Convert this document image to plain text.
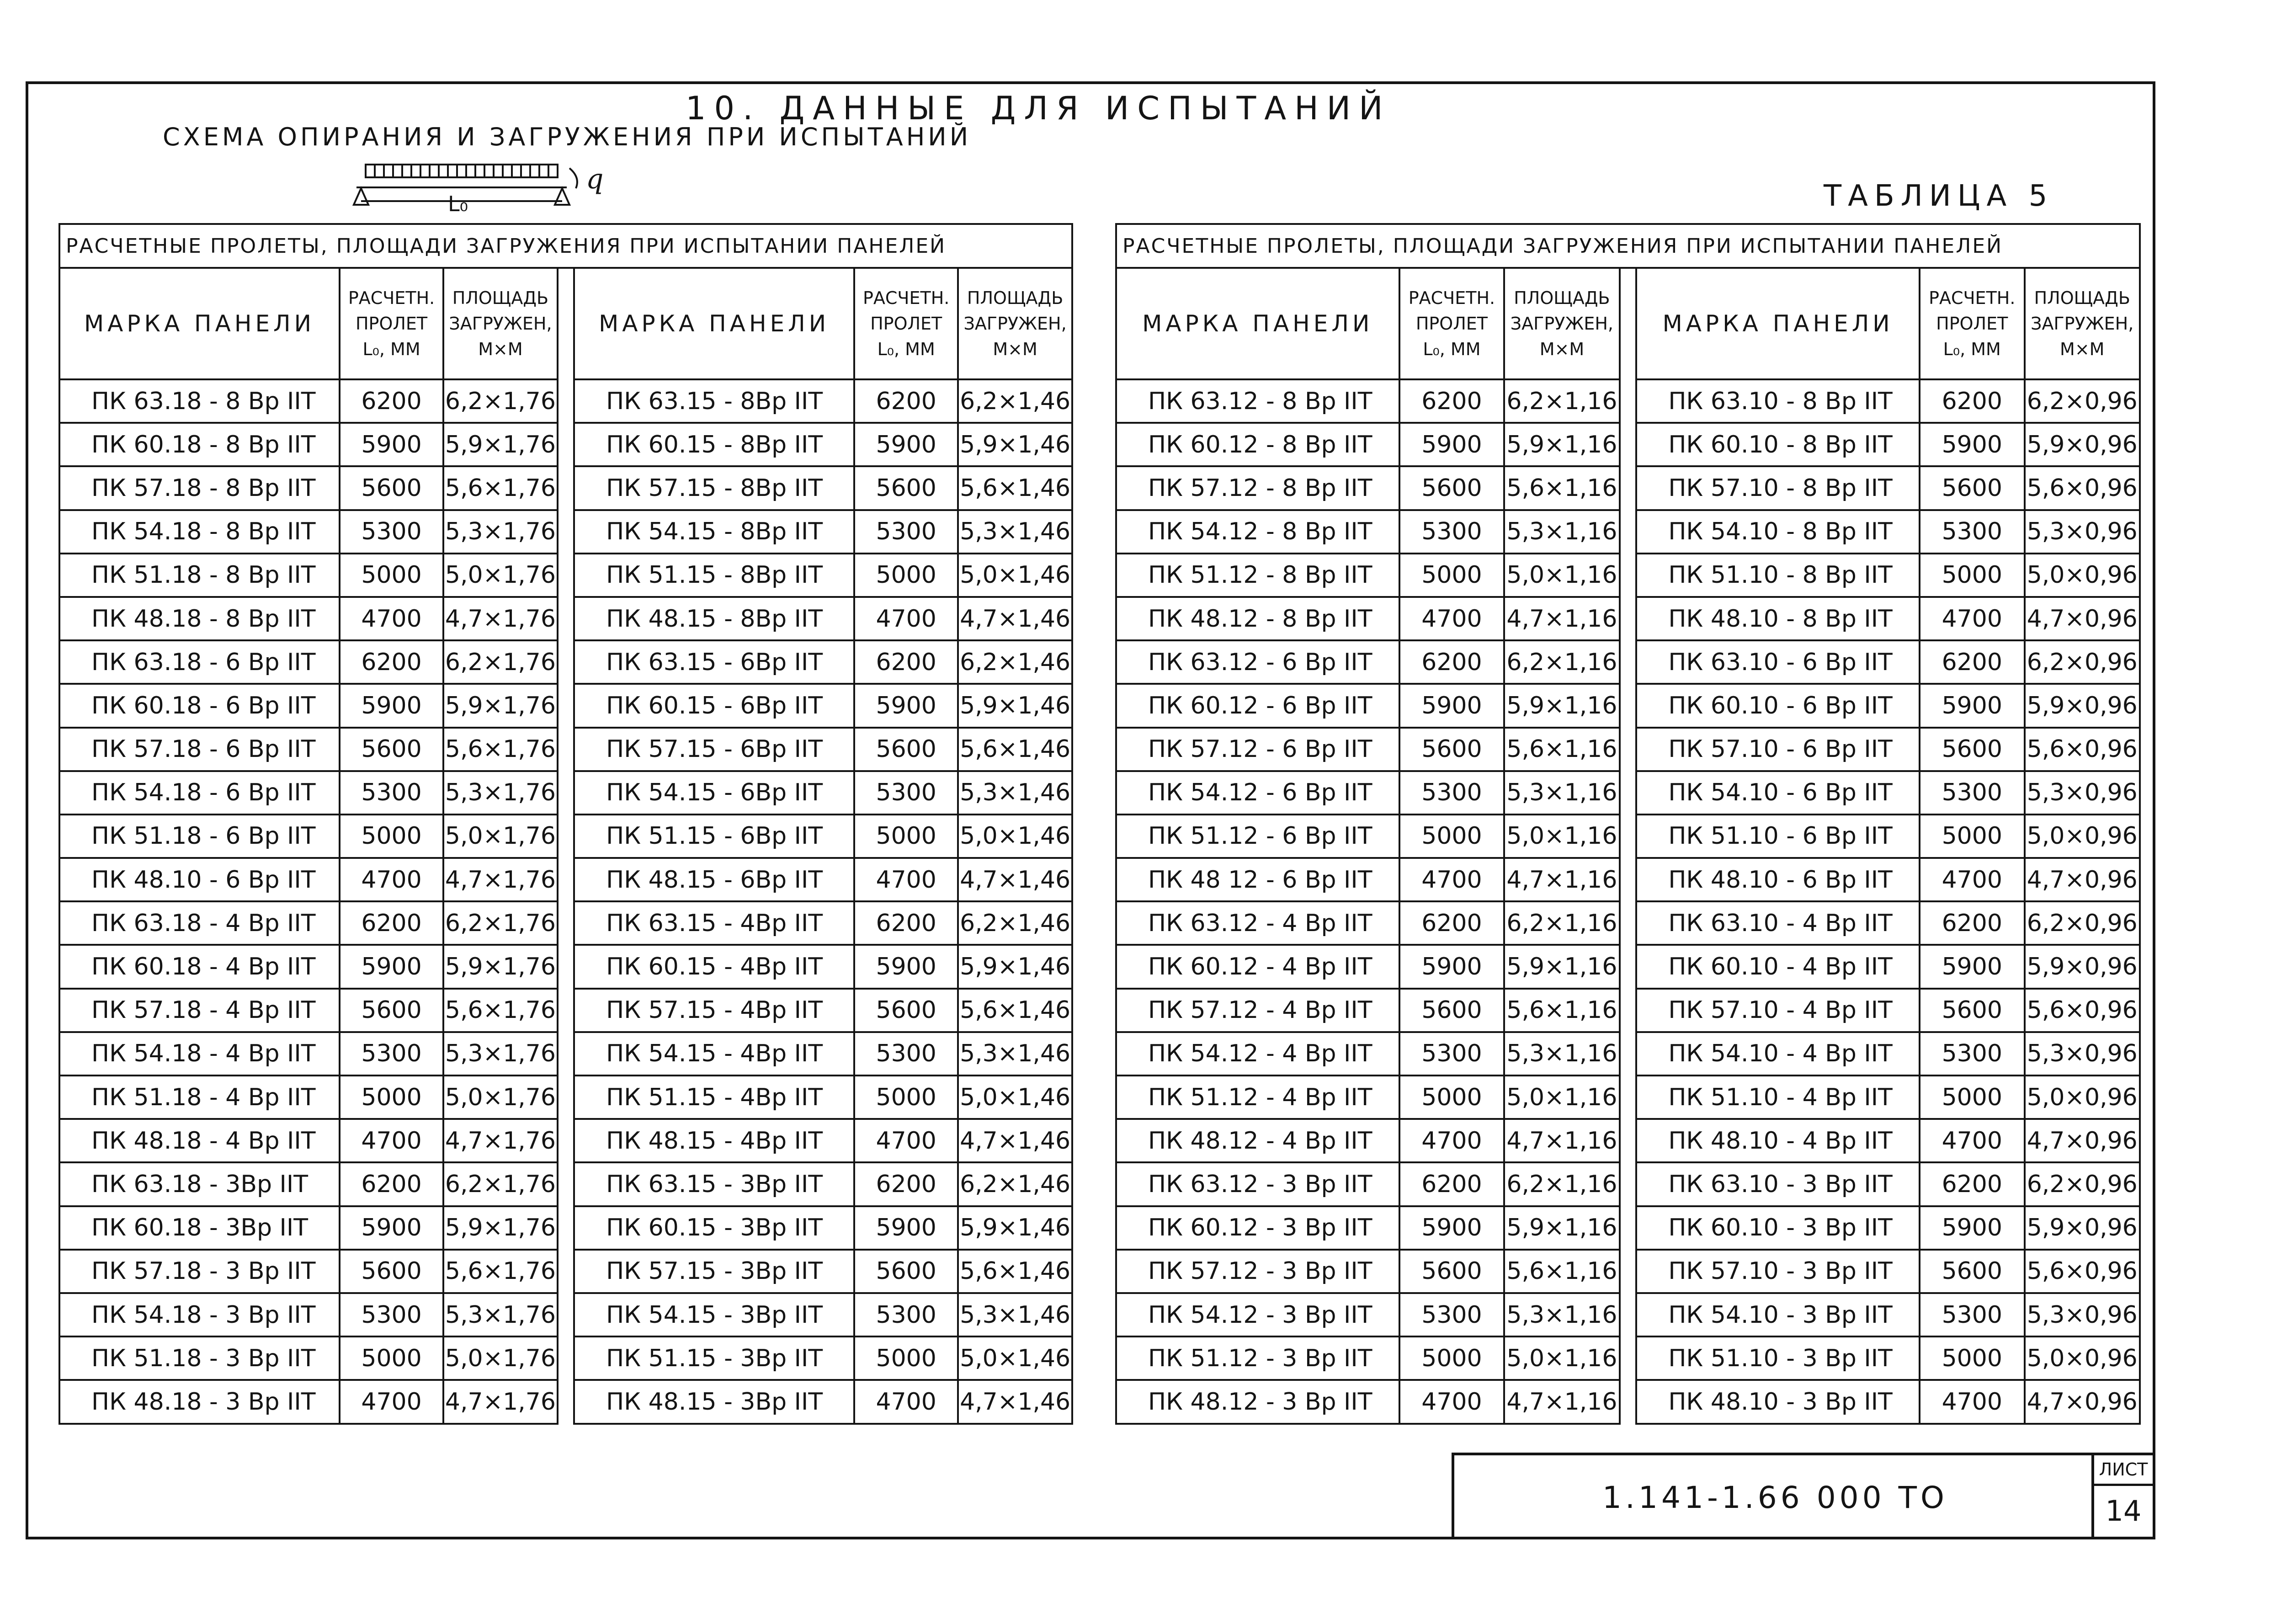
10. ДАННЫЕ ДЛЯ ИСПЫТАНИЙ
СХЕМА ОПИРАНИЯ И ЗАГРУЖЕНИЯ ПРИ ИСПЫТАНИЙ
L₀
q	ТАБЛИЦА 5
РАСЧЕТНЫЕ ПРОЛЕТЫ, ПЛОЩАДИ ЗАГРУЖЕНИЯ ПРИ ИСПЫТАНИИ ПАНЕЛЕЙ						
МАРКА ПАНЕЛИ	РАСЧЕТН.
ПРОЛЕТ
L₀, ММ	ПЛОЩАДЬ
ЗАГРУЖЕН,
М×М		МАРКА ПАНЕЛИ	РАСЧЕТН.
ПРОЛЕТ
L₀, ММ	ПЛОЩАДЬ
ЗАГРУЖЕН,
М×М
ПК 63.18 - 8 Вр IIТ	6200	6,2×1,76		ПК 63.15 - 8Вр IIТ	6200	6,2×1,46
ПК 60.18 - 8 Вр IIТ	5900	5,9×1,76		ПК 60.15 - 8Вр IIТ	5900	5,9×1,46
ПК 57.18 - 8 Вр IIТ	5600	5,6×1,76		ПК 57.15 - 8Вр IIТ	5600	5,6×1,46
ПК 54.18 - 8 Вр IIТ	5300	5,3×1,76		ПК 54.15 - 8Вр IIТ	5300	5,3×1,46
ПК 51.18 - 8 Вр IIТ	5000	5,0×1,76		ПК 51.15 - 8Вр IIТ	5000	5,0×1,46
ПК 48.18 - 8 Вр IIТ	4700	4,7×1,76		ПК 48.15 - 8Вр IIТ	4700	4,7×1,46
ПК 63.18 - 6 Вр IIТ	6200	6,2×1,76		ПК 63.15 - 6Вр IIТ	6200	6,2×1,46
ПК 60.18 - 6 Вр IIТ	5900	5,9×1,76		ПК 60.15 - 6Вр IIТ	5900	5,9×1,46
ПК 57.18 - 6 Вр IIТ	5600	5,6×1,76		ПК 57.15 - 6Вр IIТ	5600	5,6×1,46
ПК 54.18 - 6 Вр IIТ	5300	5,3×1,76		ПК 54.15 - 6Вр IIТ	5300	5,3×1,46
ПК 51.18 - 6 Вр IIТ	5000	5,0×1,76		ПК 51.15 - 6Вр IIТ	5000	5,0×1,46
ПК 48.10 - 6 Вр IIТ	4700	4,7×1,76		ПК 48.15 - 6Вр IIТ	4700	4,7×1,46
ПК 63.18 - 4 Вр IIТ	6200	6,2×1,76		ПК 63.15 - 4Вр IIТ	6200	6,2×1,46
ПК 60.18 - 4 Вр IIТ	5900	5,9×1,76		ПК 60.15 - 4Вр IIТ	5900	5,9×1,46
ПК 57.18 - 4 Вр IIТ	5600	5,6×1,76		ПК 57.15 - 4Вр IIТ	5600	5,6×1,46
ПК 54.18 - 4 Вр IIТ	5300	5,3×1,76		ПК 54.15 - 4Вр IIТ	5300	5,3×1,46
ПК 51.18 - 4 Вр IIТ	5000	5,0×1,76		ПК 51.15 - 4Вр IIТ	5000	5,0×1,46
ПК 48.18 - 4 Вр IIТ	4700	4,7×1,76		ПК 48.15 - 4Вр IIТ	4700	4,7×1,46
ПК 63.18 - 3Вр IIТ	6200	6,2×1,76		ПК 63.15 - 3Вр IIТ	6200	6,2×1,46
ПК 60.18 - 3Вр IIТ	5900	5,9×1,76		ПК 60.15 - 3Вр IIТ	5900	5,9×1,46
ПК 57.18 - 3 Вр IIТ	5600	5,6×1,76		ПК 57.15 - 3Вр IIТ	5600	5,6×1,46
ПК 54.18 - 3 Вр IIТ	5300	5,3×1,76		ПК 54.15 - 3Вр IIТ	5300	5,3×1,46
ПК 51.18 - 3 Вр IIТ	5000	5,0×1,76		ПК 51.15 - 3Вр IIТ	5000	5,0×1,46
ПК 48.18 - 3 Вр IIТ	4700	4,7×1,76		ПК 48.15 - 3Вр IIТ	4700	4,7×1,46
РАСЧЕТНЫЕ ПРОЛЕТЫ, ПЛОЩАДИ ЗАГРУЖЕНИЯ ПРИ ИСПЫТАНИИ ПАНЕЛЕЙ						
МАРКА ПАНЕЛИ	РАСЧЕТН.
ПРОЛЕТ
L₀, ММ	ПЛОЩАДЬ
ЗАГРУЖЕН,
М×М		МАРКА ПАНЕЛИ	РАСЧЕТН.
ПРОЛЕТ
L₀, ММ	ПЛОЩАДЬ
ЗАГРУЖЕН,
М×М
ПК 63.12 - 8 Вр IIТ	6200	6,2×1,16		ПК 63.10 - 8 Вр IIТ	6200	6,2×0,96
ПК 60.12 - 8 Вр IIТ	5900	5,9×1,16		ПК 60.10 - 8 Вр IIТ	5900	5,9×0,96
ПК 57.12 - 8 Вр IIТ	5600	5,6×1,16		ПК 57.10 - 8 Вр IIТ	5600	5,6×0,96
ПК 54.12 - 8 Вр IIТ	5300	5,3×1,16		ПК 54.10 - 8 Вр IIТ	5300	5,3×0,96
ПК 51.12 - 8 Вр IIТ	5000	5,0×1,16		ПК 51.10 - 8 Вр IIТ	5000	5,0×0,96
ПК 48.12 - 8 Вр IIТ	4700	4,7×1,16		ПК 48.10 - 8 Вр IIТ	4700	4,7×0,96
ПК 63.12 - 6 Вр IIТ	6200	6,2×1,16		ПК 63.10 - 6 Вр IIТ	6200	6,2×0,96
ПК 60.12 - 6 Вр IIТ	5900	5,9×1,16		ПК 60.10 - 6 Вр IIТ	5900	5,9×0,96
ПК 57.12 - 6 Вр IIТ	5600	5,6×1,16		ПК 57.10 - 6 Вр IIТ	5600	5,6×0,96
ПК 54.12 - 6 Вр IIТ	5300	5,3×1,16		ПК 54.10 - 6 Вр IIТ	5300	5,3×0,96
ПК 51.12 - 6 Вр IIТ	5000	5,0×1,16		ПК 51.10 - 6 Вр IIТ	5000	5,0×0,96
ПК 48 12 - 6 Вр IIТ	4700	4,7×1,16		ПК 48.10 - 6 Вр IIТ	4700	4,7×0,96
ПК 63.12 - 4 Вр IIТ	6200	6,2×1,16		ПК 63.10 - 4 Вр IIТ	6200	6,2×0,96
ПК 60.12 - 4 Вр IIТ	5900	5,9×1,16		ПК 60.10 - 4 Вр IIТ	5900	5,9×0,96
ПК 57.12 - 4 Вр IIТ	5600	5,6×1,16		ПК 57.10 - 4 Вр IIТ	5600	5,6×0,96
ПК 54.12 - 4 Вр IIТ	5300	5,3×1,16		ПК 54.10 - 4 Вр IIТ	5300	5,3×0,96
ПК 51.12 - 4 Вр IIТ	5000	5,0×1,16		ПК 51.10 - 4 Вр IIТ	5000	5,0×0,96
ПК 48.12 - 4 Вр IIТ	4700	4,7×1,16		ПК 48.10 - 4 Вр IIТ	4700	4,7×0,96
ПК 63.12 - 3 Вр IIТ	6200	6,2×1,16		ПК 63.10 - 3 Вр IIТ	6200	6,2×0,96
ПК 60.12 - 3 Вр IIТ	5900	5,9×1,16		ПК 60.10 - 3 Вр IIТ	5900	5,9×0,96
ПК 57.12 - 3 Вр IIТ	5600	5,6×1,16		ПК 57.10 - 3 Вр IIТ	5600	5,6×0,96
ПК 54.12 - 3 Вр IIТ	5300	5,3×1,16		ПК 54.10 - 3 Вр IIТ	5300	5,3×0,96
ПК 51.12 - 3 Вр IIТ	5000	5,0×1,16		ПК 51.10 - 3 Вр IIТ	5000	5,0×0,96
ПК 48.12 - 3 Вр IIТ	4700	4,7×1,16		ПК 48.10 - 3 Вр IIТ	4700	4,7×0,96
1.141-1.66 000 ТО
ЛИСТ
14
